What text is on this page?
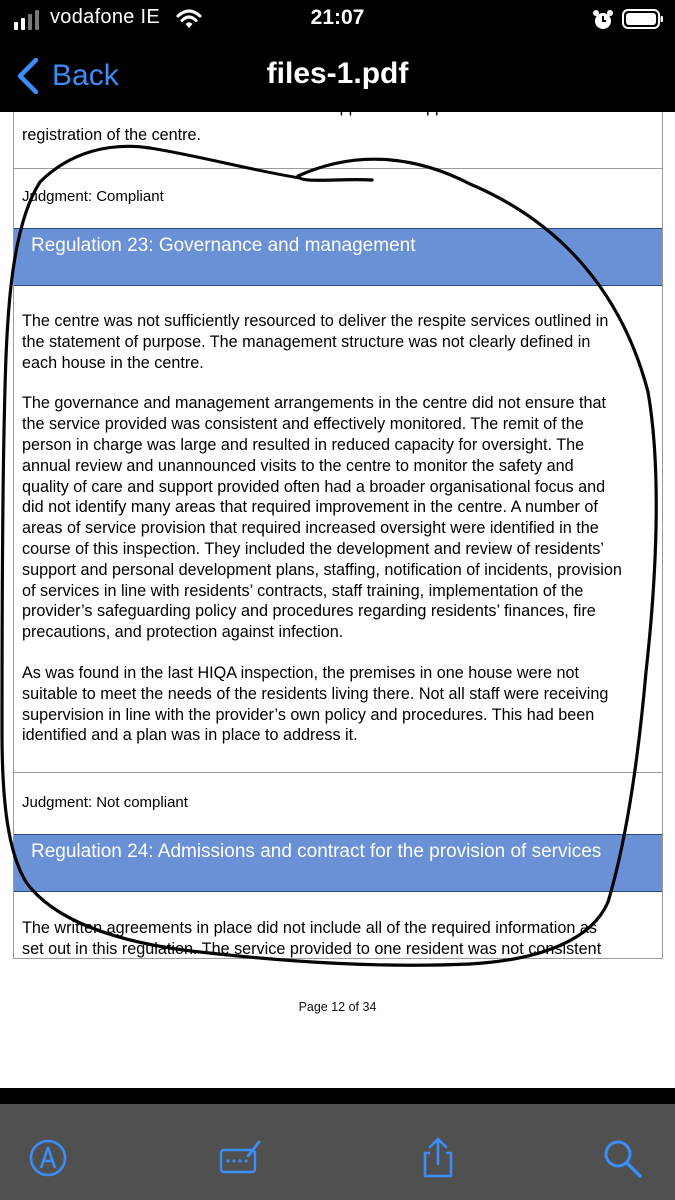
vodafone IE	21:07
Back	files-1.pdf
residents and was asked to submit this to support their application to renew the
registration of the centre.
Judgment: Compliant
Regulation 23: Governance and management

The centre was not sufficiently resourced to deliver the respite services outlined in
the statement of purpose. The management structure was not clearly defined in
each house in the centre.

The governance and management arrangements in the centre did not ensure that
the service provided was consistent and effectively monitored. The remit of the
person in charge was large and resulted in reduced capacity for oversight. The
annual review and unannounced visits to the centre to monitor the safety and
quality of care and support provided often had a broader organisational focus and
did not identify many areas that required improvement in the centre. A number of
areas of service provision that required increased oversight were identified in the
course of this inspection. They included the development and review of residents’
support and personal development plans, staffing, notification of incidents, provision
of services in line with residents’ contracts, staff training, implementation of the
provider’s safeguarding policy and procedures regarding residents’ finances, fire
precautions, and protection against infection.

As was found in the last HIQA inspection, the premises in one house were not
suitable to meet the needs of the residents living there. Not all staff were receiving
supervision in line with the provider’s own policy and procedures. This had been
identified and a plan was in place to address it.

Judgment: Not compliant
Regulation 24: Admissions and contract for the provision of services
The written agreements in place did not include all of the required information as
set out in this regulation. The service provided to one resident was not consistent
Page 12 of 34
